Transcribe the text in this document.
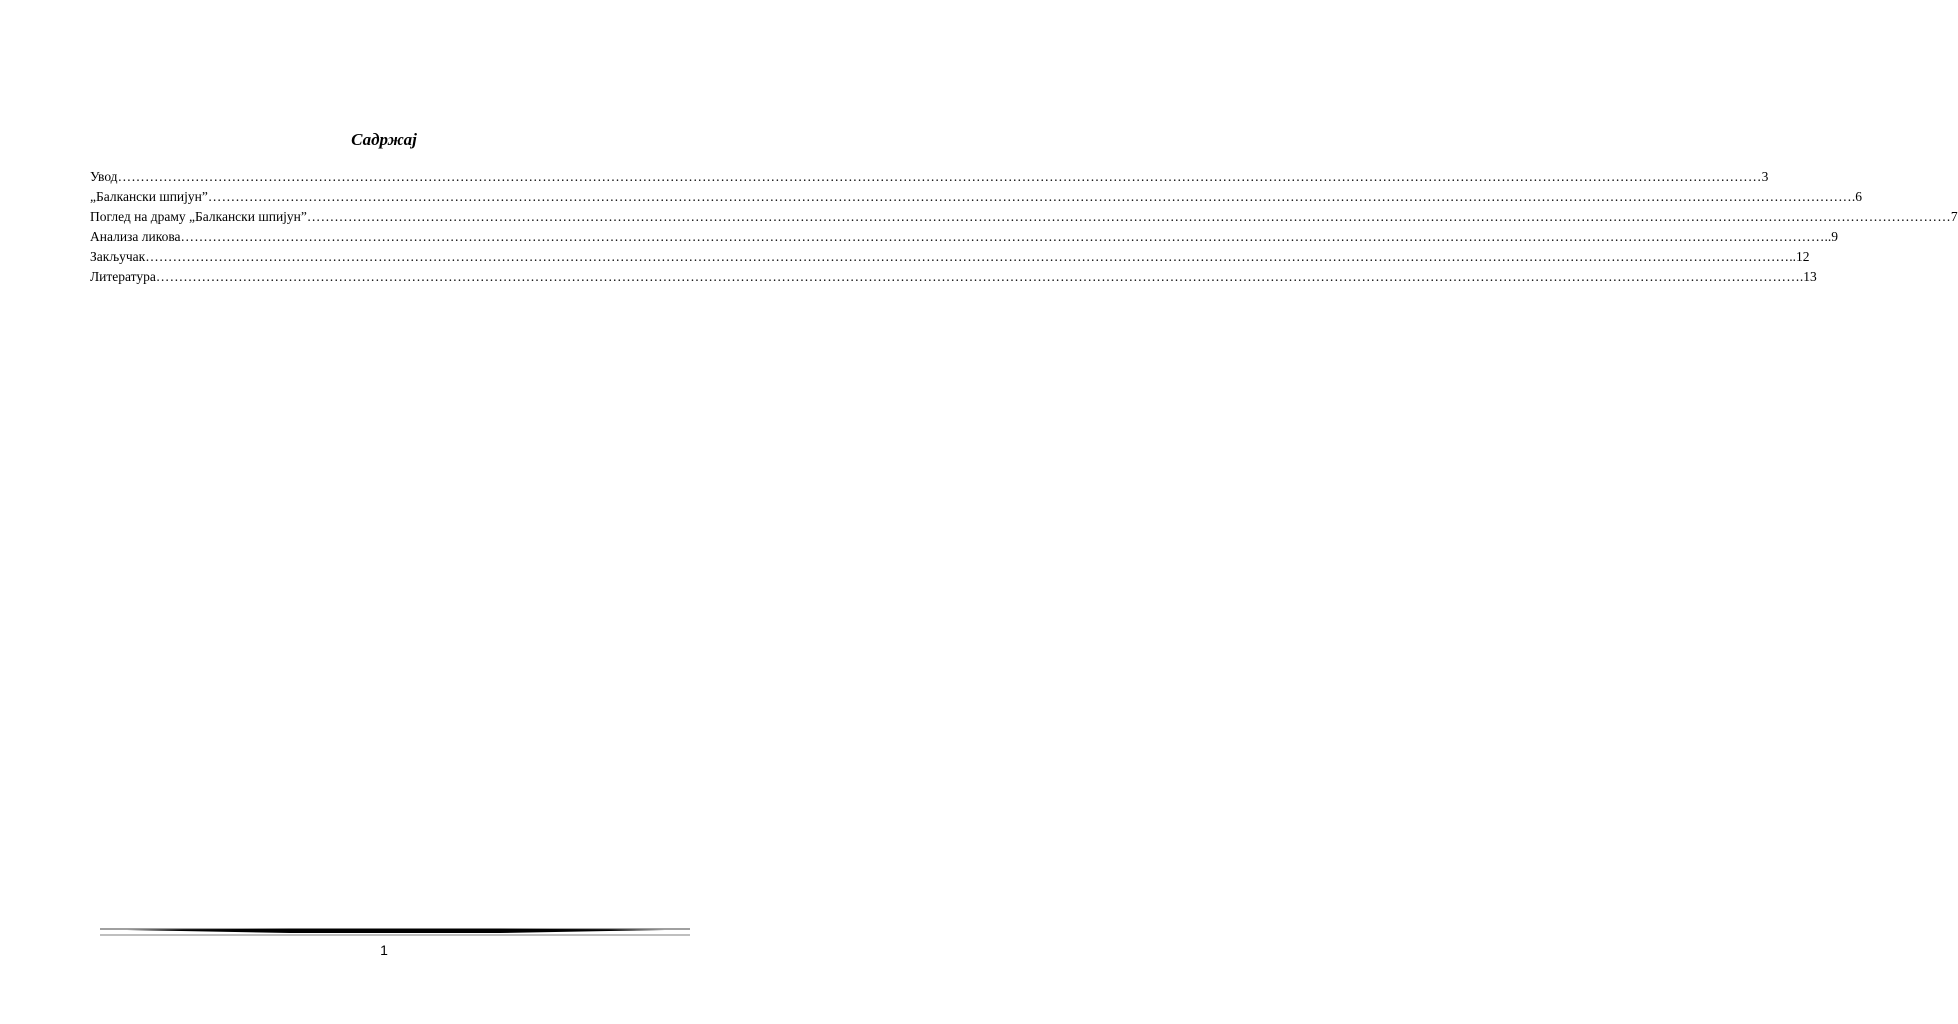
Садржај
Увод ……………………………………………………………………………………………………………………………………………………………………………………………………………………………………………………………………………………………………………………………… 3
„Балкански шпијун” ……………………………………………………………………………………………………………………………………………………………………………………………………………………………………………………………………………………………………………………………… .6
Поглед на драму „Балкански шпијун” ……………………………………………………………………………………………………………………………………………………………………………………………………………………………………………………………………………………………………………………………… 7
Анализа ликова ……………………………………………………………………………………………………………………………………………………………………………………………………………………………………………………………………………………………………………………………… ..9
Закључак ……………………………………………………………………………………………………………………………………………………………………………………………………………………………………………………………………………………………………………………………… ..12
Литература ……………………………………………………………………………………………………………………………………………………………………………………………………………………………………………………………………………………………………………………………… .13
1
